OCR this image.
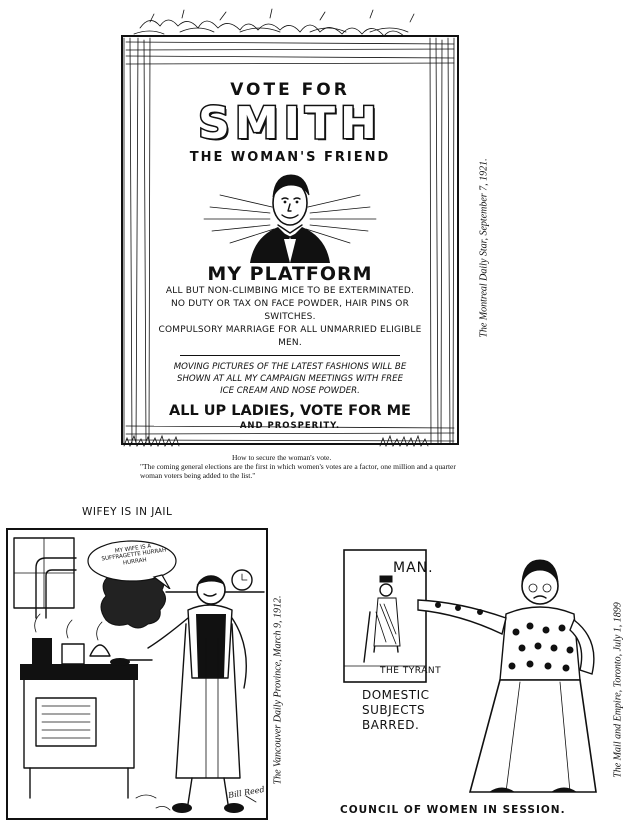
VOTE FOR
SMITH
THE WOMAN'S FRIEND
MY PLATFORM
ALL BUT NON-CLIMBING MICE TO BE EXTERMINATED.
NO DUTY OR TAX ON FACE POWDER, HAIR PINS OR SWITCHES.
COMPULSORY MARRIAGE FOR ALL UNMARRIED ELIGIBLE MEN.
MOVING PICTURES OF THE LATEST FASHIONS WILL BE SHOWN AT ALL MY CAMPAIGN MEETINGS WITH FREE ICE CREAM AND NOSE POWDER.
ALL UP LADIES, VOTE FOR ME
AND PROSPERITY.
How to secure the woman's vote.
"The coming general elections are the first in which women's votes are a factor, one million and a quarter woman voters being added to the list."
The Montreal Daily Star, September 7, 1921.
WIFEY IS IN JAIL
MY WIFE IS A SUFFRAGETTE HURRAH HURRAH
Bill Reed
The Vancouver Daily Province, March 9, 1912.
MAN.
THE TYRANT
DOMESTIC
SUBJECTS
BARRED.
COUNCIL OF WOMEN IN SESSION.
The Mail and Empire, Toronto, July 1, 1899
